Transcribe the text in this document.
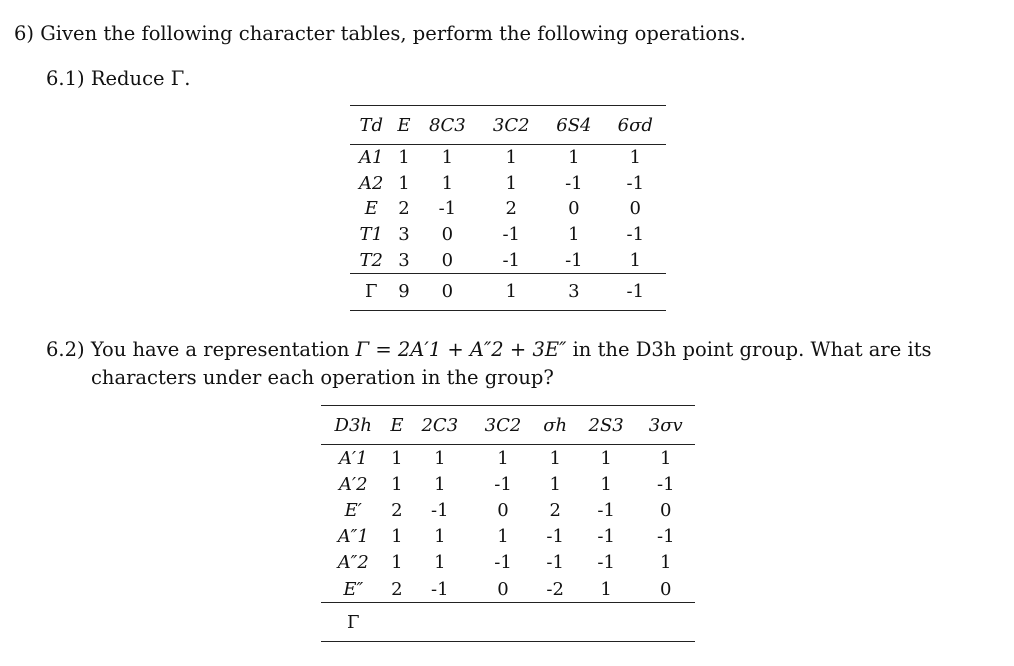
6) Given the following character tables, perform the following operations.
6.1) Reduce Γ.
Td	E	8C3	3C2	6S4	6σd
A1	1	1	1	1	1
A2	1	1	1	-1	-1
E	2	-1	2	0	0
T1	3	0	-1	1	-1
T2	3	0	-1	-1	1
Γ	9	0	1	3	-1
6.2) You have a representation Γ = 2A′1 + A″2 + 3E″ in the D3h point group. What are its
characters under each operation in the group?
D3h	E	2C3	3C2	σh	2S3	3σv
A′1	1	1	1	1	1	1
A′2	1	1	-1	1	1	-1
E′	2	-1	0	2	-1	0
A″1	1	1	1	-1	-1	-1
A″2	1	1	-1	-1	-1	1
E″	2	-1	0	-2	1	0
Γ						
